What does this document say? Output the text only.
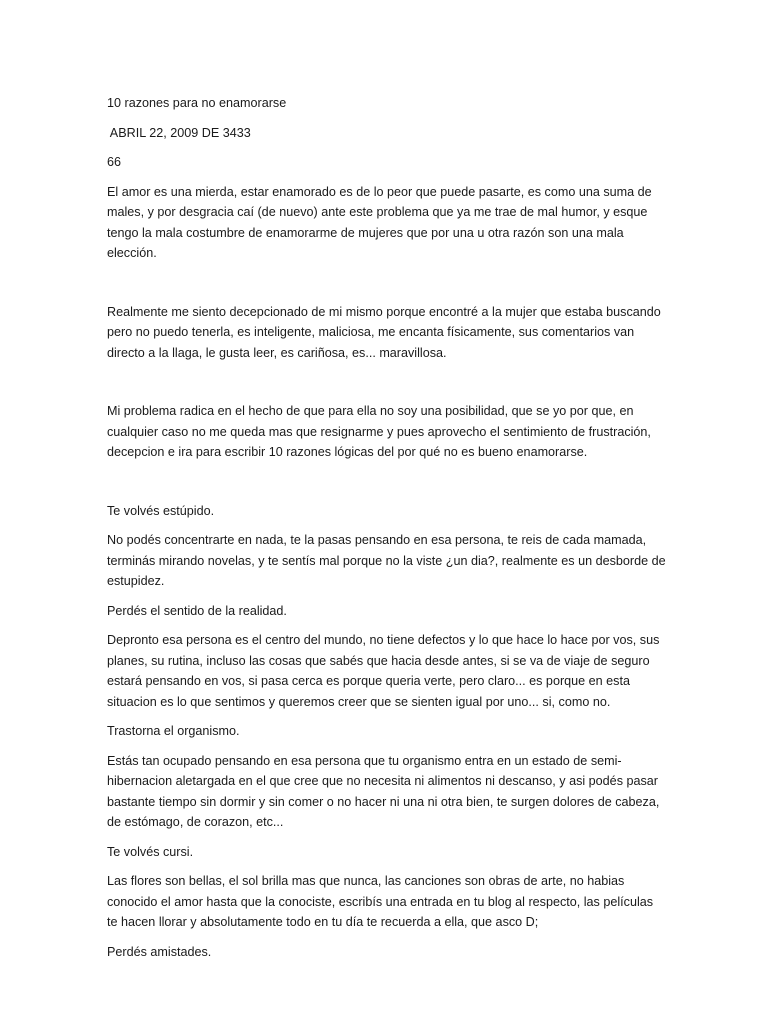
10 razones para no enamorarse

ABRIL 22, 2009 DE 3433

66

El amor es una mierda, estar enamorado es de lo peor que puede pasarte, es como una suma de males, y por desgracia caí (de nuevo) ante este problema que ya me trae de mal humor, y esque tengo la mala costumbre de enamorarme de mujeres que por una u otra razón son una mala elección.

Realmente me siento decepcionado de mi mismo porque encontré a la mujer que estaba buscando pero no puedo tenerla, es inteligente, maliciosa, me encanta físicamente, sus comentarios van directo a la llaga, le gusta leer, es cariñosa, es... maravillosa.

Mi problema radica en el hecho de que para ella no soy una posibilidad, que se yo por que, en cualquier caso no me queda mas que resignarme y pues aprovecho el sentimiento de frustración, decepcion e ira para escribir 10 razones lógicas del por qué no es bueno enamorarse.

Te volvés estúpido.

No podés concentrarte en nada, te la pasas pensando en esa persona, te reis de cada mamada, terminás mirando novelas, y te sentís mal porque no la viste ¿un dia?, realmente es un desborde de estupidez.

Perdés el sentido de la realidad.

Depronto esa persona es el centro del mundo, no tiene defectos y lo que hace lo hace por vos, sus planes, su rutina, incluso las cosas que sabés que hacia desde antes, si se va de viaje de seguro estará pensando en vos, si pasa cerca es porque queria verte, pero claro... es porque en esta situacion es lo que sentimos y queremos creer que se sienten igual por uno... si, como no.

Trastorna el organismo.

Estás tan ocupado pensando en esa persona que tu organismo entra en un estado de semi-hibernacion aletargada en el que cree que no necesita ni alimentos ni descanso, y asi podés pasar bastante tiempo sin dormir y sin comer o no hacer ni una ni otra bien, te surgen dolores de cabeza, de estómago, de corazon, etc...

Te volvés cursi.

Las flores son bellas, el sol brilla mas que nunca, las canciones son obras de arte, no habias conocido el amor hasta que la conociste, escribís una entrada en tu blog al respecto, las películas te hacen llorar y absolutamente todo en tu día te recuerda a ella, que asco D;

Perdés amistades.
